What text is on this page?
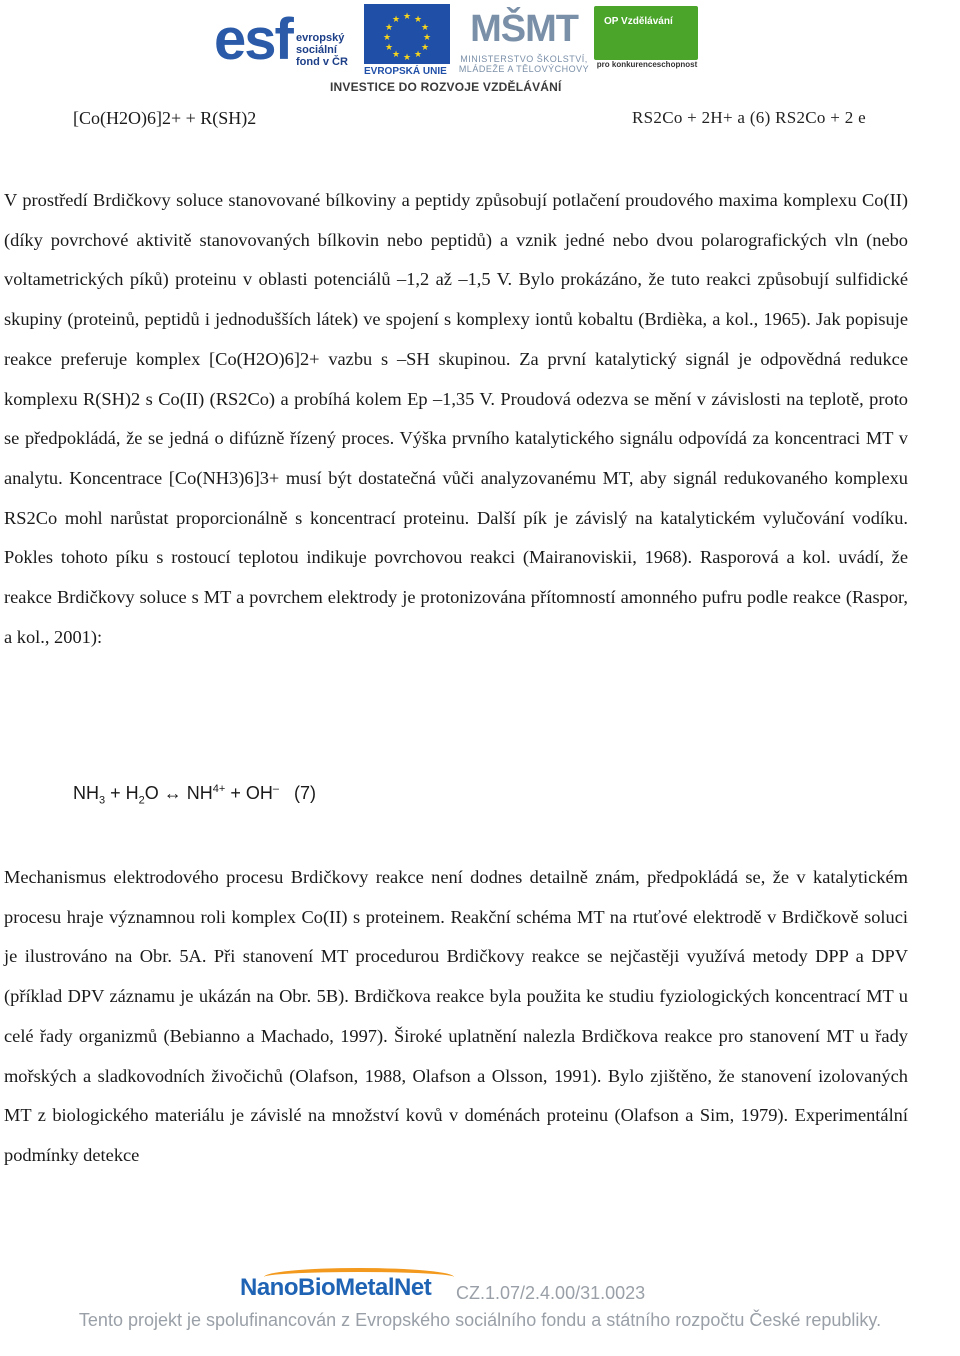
esf evropský
sociální
fond v ČR
★ ★
★
★
★
★
★
★
★
★
★
★
EVROPSKÁ UNIE
MŠMT
MINISTERSTVO ŠKOLSTVÍ,
MLÁDEŽE A TĚLOVÝCHOVY
OP Vzdělávání
pro konkurenceschopnost
INVESTICE DO ROZVOJE VZDĚLÁVÁNÍ
[Co(H2O)6]2+ + R(SH)2	RS2Co + 2H+ a (6) RS2Co + 2 e

V prostředí Brdičkovy soluce stanovované bílkoviny a peptidy způsobují potlačení proudového maxima komplexu Co(II) (díky povrchové aktivitě stanovovaných bílkovin nebo peptidů) a vznik jedné nebo dvou polarografických vln (nebo voltametrických píků) proteinu v oblasti potenciálů –1,2 až –1,5 V. Bylo prokázáno, že tuto reakci způsobují sulfidické skupiny (proteinů, peptidů i jednodušších látek) ve spojení s komplexy iontů kobaltu (Brdièka, a kol., 1965). Jak popisuje reakce preferuje komplex [Co(H2O)6]2+ vazbu s –SH skupinou. Za první katalytický signál je odpovědná redukce komplexu R(SH)2 s Co(II) (RS2Co) a probíhá kolem Ep –1,35 V. Proudová odezva se mění v závislosti na teplotě, proto se předpokládá, že se jedná o difúzně řízený proces. Výška prvního katalytického signálu odpovídá za koncentraci MT v analytu. Koncentrace [Co(NH3)6]3+ musí být dostatečná vůči analyzovanému MT, aby signál redukovaného komplexu RS2Co mohl narůstat proporcionálně s koncentrací proteinu. Další pík je závislý na katalytickém vylučování vodíku. Pokles tohoto píku s rostoucí teplotou indikuje povrchovou reakci (Mairanoviskii, 1968). Rasporová a kol. uvádí, že reakce Brdičkovy soluce s MT a povrchem elektrody je protonizována přítomností amonného pufru podle reakce (Raspor, a kol., 2001):

$NH_3 + H_2O$ ↔ $NH^{4+} + OH^-$   (7)

Mechanismus elektrodového procesu Brdičkovy reakce není dodnes detailně znám, předpokládá se, že v katalytickém procesu hraje významnou roli komplex Co(II) s proteinem. Reakční schéma MT na rtuťové elektrodě v Brdičkově soluci je ilustrováno na Obr. 5A. Při stanovení MT procedurou Brdičkovy reakce se nejčastěji využívá metody DPP a DPV (příklad DPV záznamu je ukázán na Obr. 5B). Brdičkova reakce byla použita ke studiu fyziologických koncentrací MT u celé řady organizmů (Bebianno a Machado, 1997). Široké uplatnění nalezla Brdičkova reakce pro stanovení MT u řady mořských a sladkovodních živočichů (Olafson, 1988, Olafson a Olsson, 1991). Bylo zjištěno, že stanovení izolovaných MT z biologického materiálu je závislé na množství kovů v doménách proteinu (Olafson a Sim, 1979). Experimentální podmínky detekce

NanoBioMetalNet CZ.1.07/2.4.00/31.0023
Tento projekt je spolufinancován z Evropského sociálního fondu a státního rozpočtu České republiky.
